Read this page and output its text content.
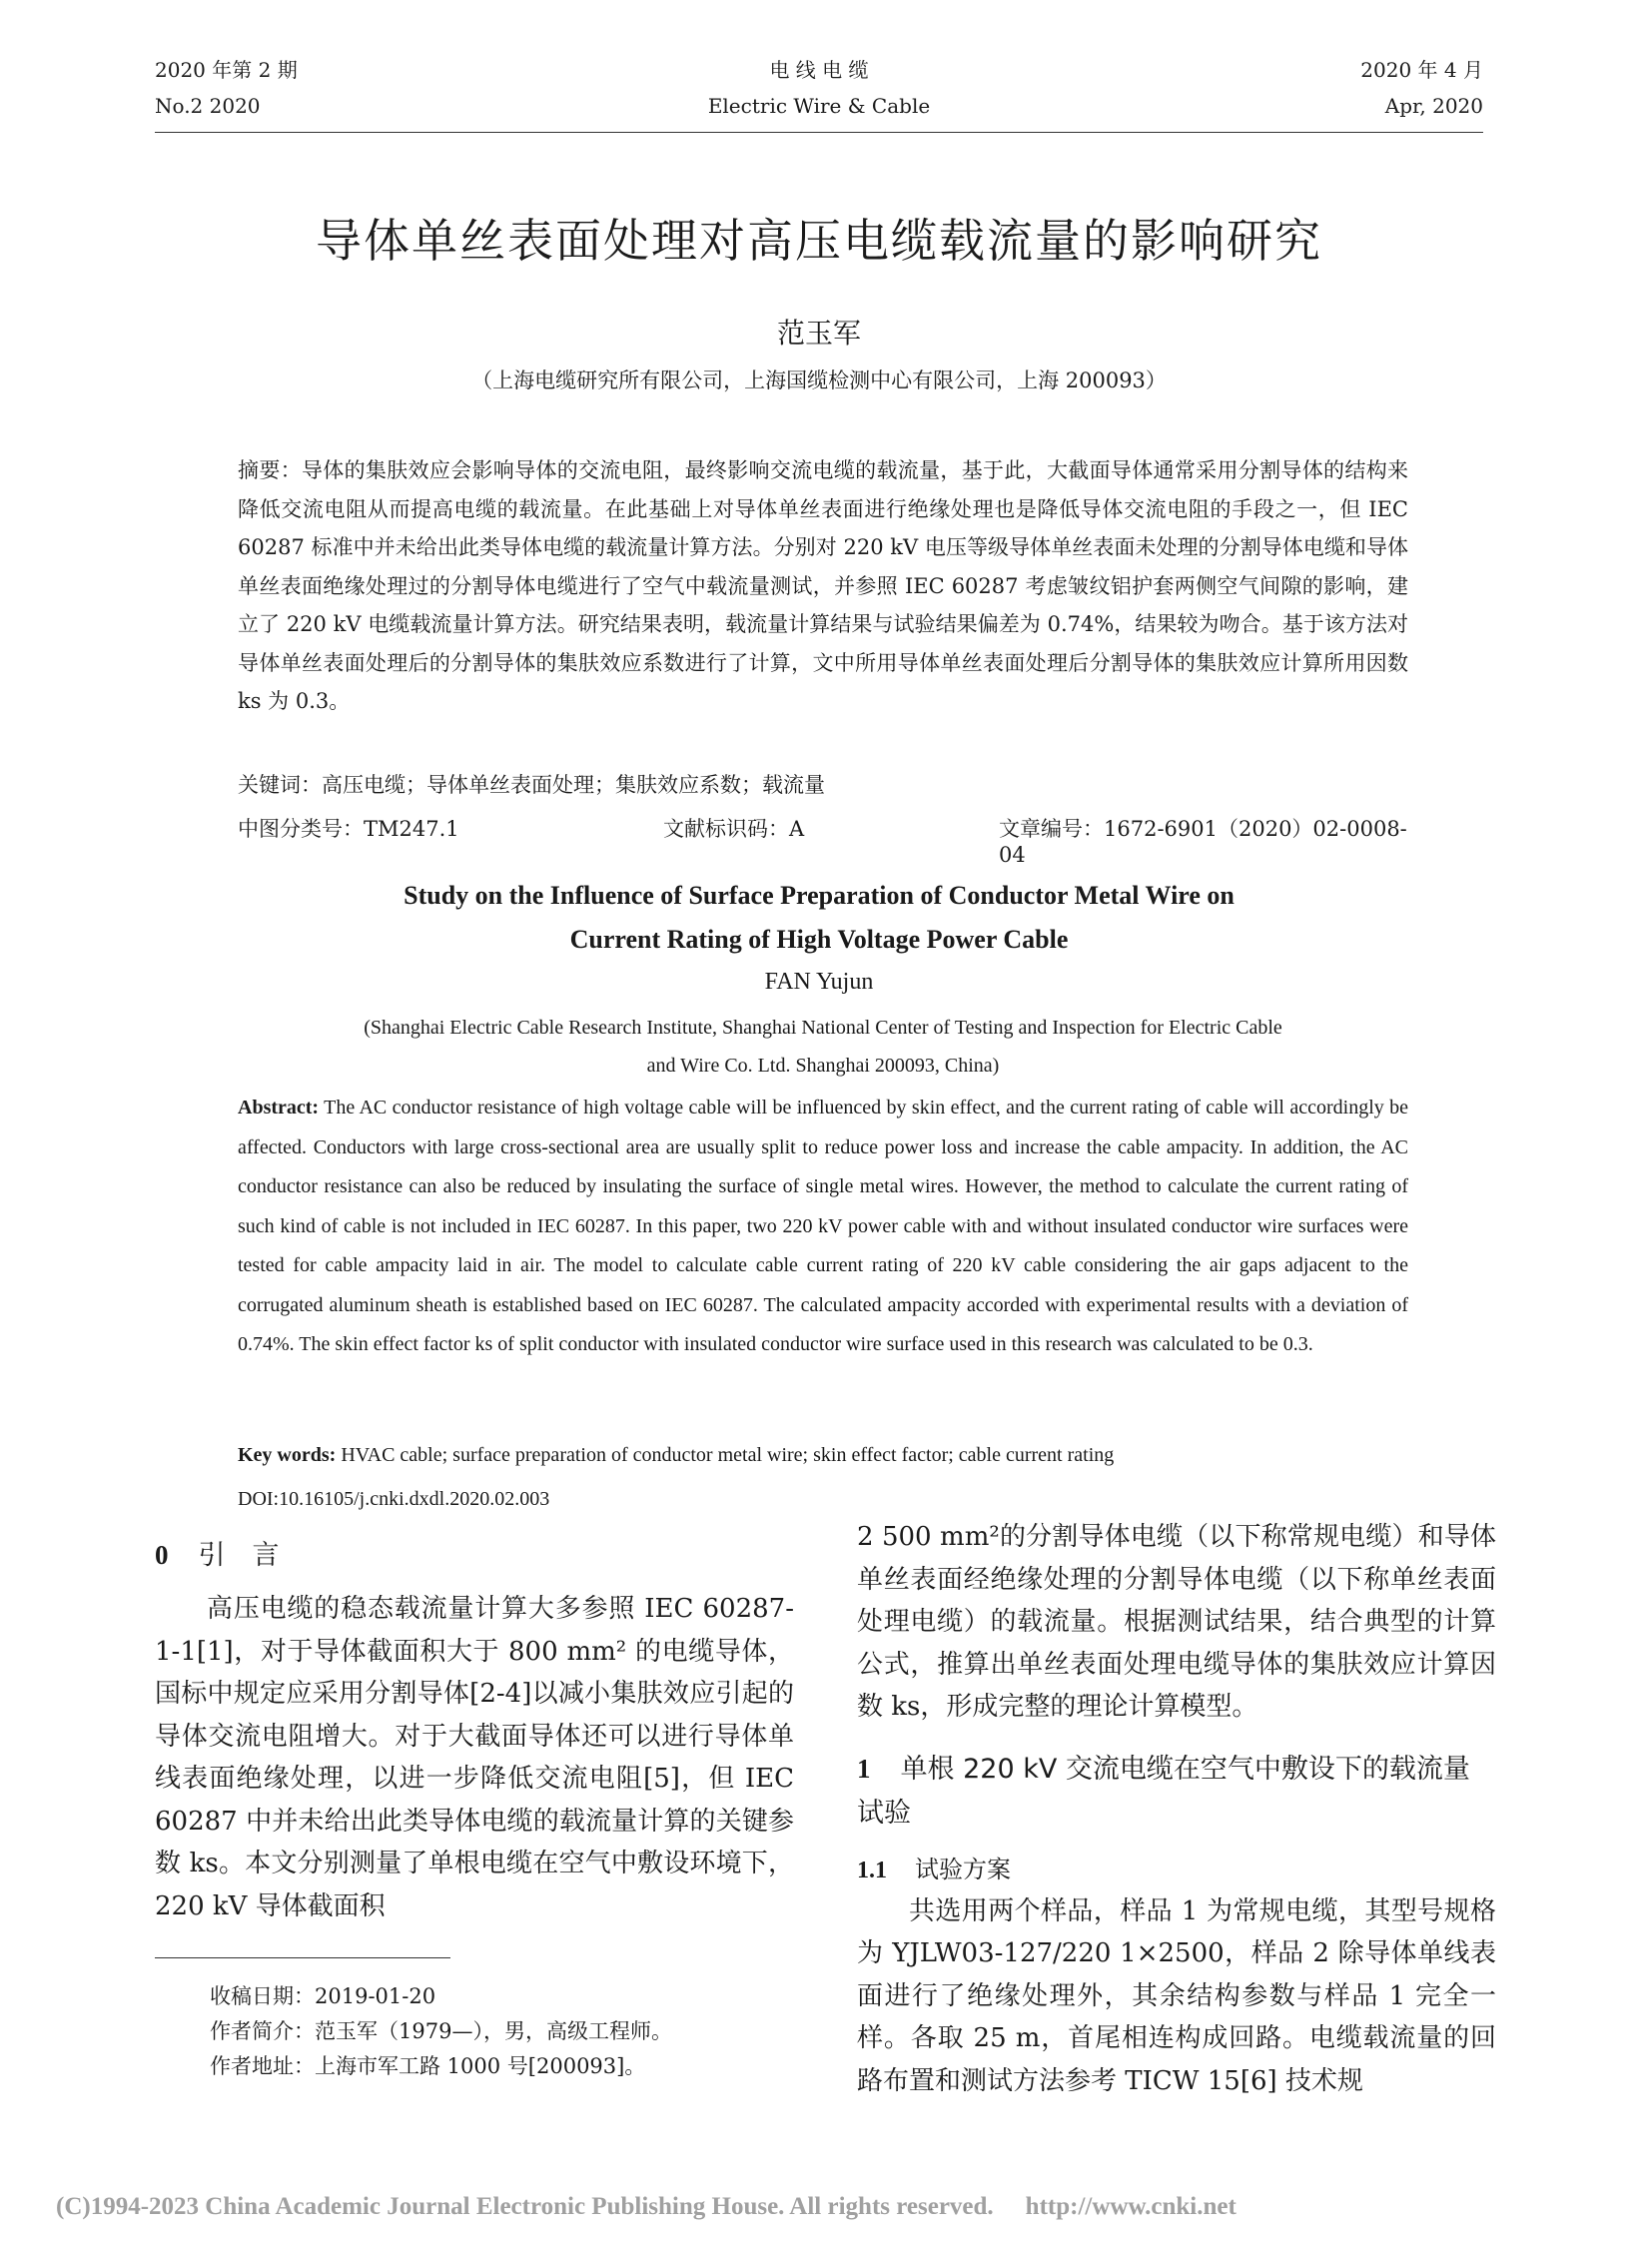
2020 年第 2 期
No.2 2020
电 线 电 缆
Electric Wire & Cable
2020 年 4 月
Apr, 2020
导体单丝表面处理对高压电缆载流量的影响研究
范玉军
（上海电缆研究所有限公司，上海国缆检测中心有限公司，上海 200093）
摘要：导体的集肤效应会影响导体的交流电阻，最终影响交流电缆的载流量，基于此，大截面导体通常采用分割导体的结构来降低交流电阻从而提高电缆的载流量。在此基础上对导体单丝表面进行绝缘处理也是降低导体交流电阻的手段之一，但 IEC 60287 标准中并未给出此类导体电缆的载流量计算方法。分别对 220 kV 电压等级导体单丝表面未处理的分割导体电缆和导体单丝表面绝缘处理过的分割导体电缆进行了空气中载流量测试，并参照 IEC 60287 考虑皱纹铝护套两侧空气间隙的影响，建立了 220 kV 电缆载流量计算方法。研究结果表明，载流量计算结果与试验结果偏差为 0.74%，结果较为吻合。基于该方法对导体单丝表面处理后的分割导体的集肤效应系数进行了计算，文中所用导体单丝表面处理后分割导体的集肤效应计算所用因数 ks 为 0.3。
关键词：高压电缆；导体单丝表面处理；集肤效应系数；载流量
中图分类号：TM247.1	文献标识码：A	文章编号：1672-6901（2020）02-0008-04
Study on the Influence of Surface Preparation of Conductor Metal Wire on
Current Rating of High Voltage Power Cable
FAN Yujun
(Shanghai Electric Cable Research Institute, Shanghai National Center of Testing and Inspection for Electric Cable
and Wire Co. Ltd. Shanghai 200093, China)
Abstract: The AC conductor resistance of high voltage cable will be influenced by skin effect, and the current rating of cable will accordingly be affected. Conductors with large cross-sectional area are usually split to reduce power loss and increase the cable ampacity. In addition, the AC conductor resistance can also be reduced by insulating the surface of single metal wires. However, the method to calculate the current rating of such kind of cable is not included in IEC 60287. In this paper, two 220 kV power cable with and without insulated conductor wire surfaces were tested for cable ampacity laid in air. The model to calculate cable current rating of 220 kV cable considering the air gaps adjacent to the corrugated aluminum sheath is established based on IEC 60287. The calculated ampacity accorded with experimental results with a deviation of 0.74%. The skin effect factor ks of split conductor with insulated conductor wire surface used in this research was calculated to be 0.3.
Key words: HVAC cable; surface preparation of conductor metal wire; skin effect factor; cable current rating
DOI:10.16105/j.cnki.dxdl.2020.02.003
0 引　言

高压电缆的稳态载流量计算大多参照 IEC 60287-1-1[1]，对于导体截面积大于 800 mm² 的电缆导体，国标中规定应采用分割导体[2-4]以减小集肤效应引起的导体交流电阻增大。对于大截面导体还可以进行导体单线表面绝缘处理，以进一步降低交流电阻[5]，但 IEC 60287 中并未给出此类导体电缆的载流量计算的关键参数 ks。本文分别测量了单根电缆在空气中敷设环境下，220 kV 导体截面积

2 500 mm²的分割导体电缆（以下称常规电缆）和导体单丝表面经绝缘处理的分割导体电缆（以下称单丝表面处理电缆）的载流量。根据测试结果，结合典型的计算公式，推算出单丝表面处理电缆导体的集肤效应计算因数 ks，形成完整的理论计算模型。

1 单根 220 kV 交流电缆在空气中敷设下的载流量试验
1.1 试验方案

共选用两个样品，样品 1 为常规电缆，其型号规格为 YJLW03-127/220 1×2500，样品 2 除导体单线表面进行了绝缘处理外，其余结构参数与样品 1 完全一样。各取 25 m，首尾相连构成回路。电缆载流量的回路布置和测试方法参考 TICW 15[6] 技术规

收稿日期：2019-01-20
作者简介：范玉军（1979—），男，高级工程师。
作者地址：上海市军工路 1000 号[200093]。
(C)1994-2023 China Academic Journal Electronic Publishing House. All rights reserved. http://www.cnki.net
